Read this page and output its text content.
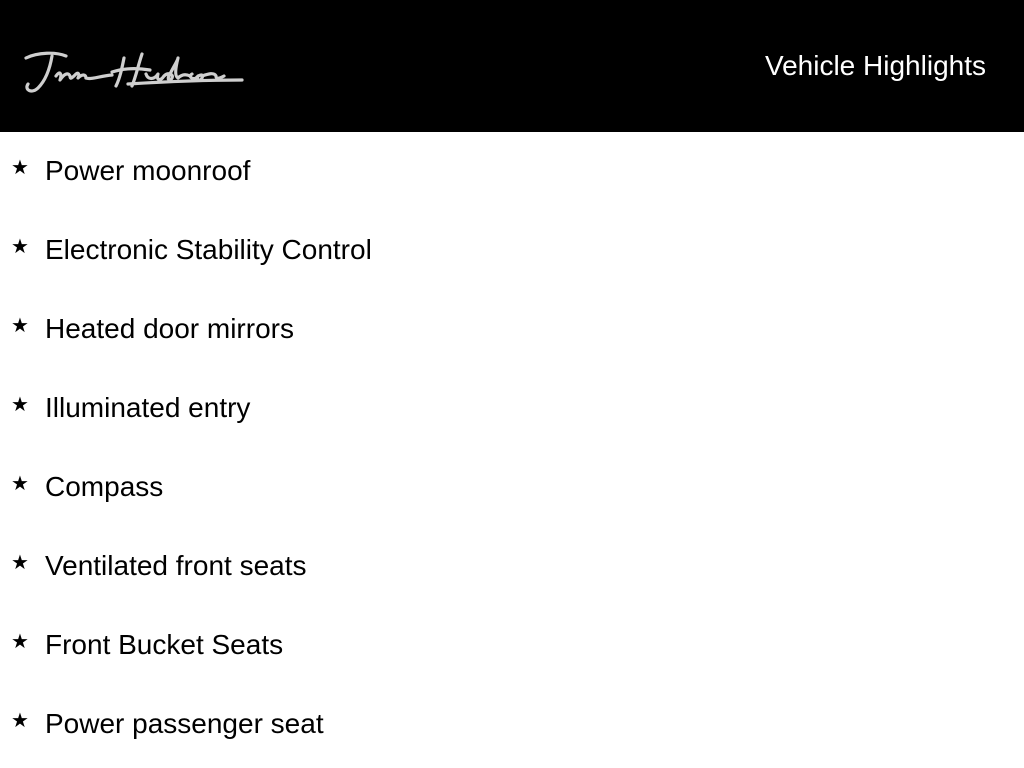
Vehicle Highlights
★ Power moonroof
★ Electronic Stability Control
★ Heated door mirrors
★ Illuminated entry
★ Compass
★ Ventilated front seats
★ Front Bucket Seats
★ Power passenger seat
